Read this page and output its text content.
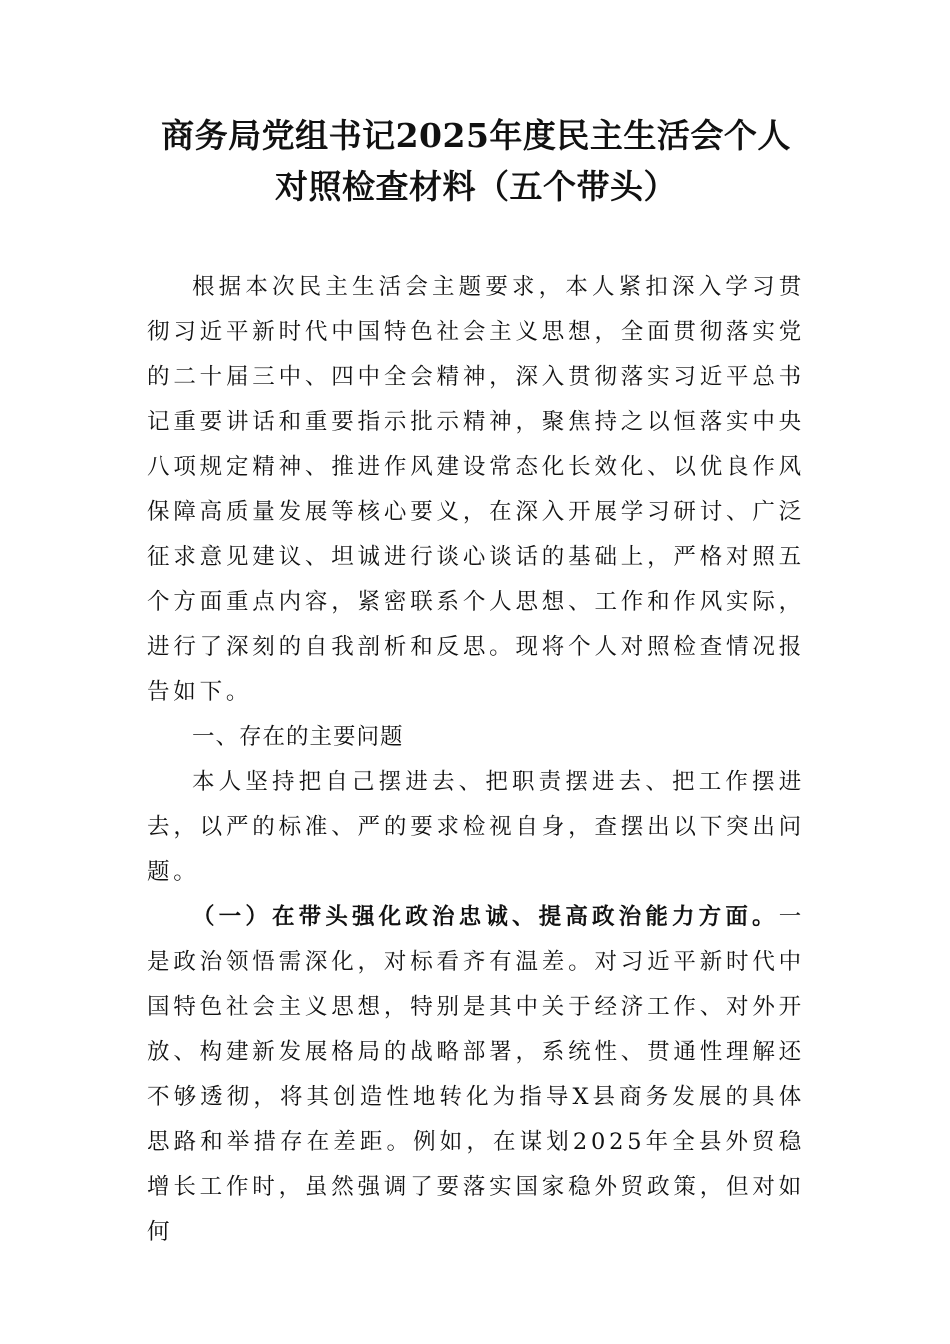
商务局党组书记2025年度民主生活会个人
对照检查材料（五个带头）

根据本次民主生活会主题要求，本人紧扣深入学习贯彻习近平新时代中国特色社会主义思想，全面贯彻落实党的二十届三中、四中全会精神，深入贯彻落实习近平总书记重要讲话和重要指示批示精神，聚焦持之以恒落实中央八项规定精神、推进作风建设常态化长效化、以优良作风保障高质量发展等核心要义，在深入开展学习研讨、广泛征求意见建议、坦诚进行谈心谈话的基础上，严格对照五个方面重点内容，紧密联系个人思想、工作和作风实际，进行了深刻的自我剖析和反思。现将个人对照检查情况报告如下。

一、存在的主要问题

本人坚持把自己摆进去、把职责摆进去、把工作摆进去，以严的标准、严的要求检视自身，查摆出以下突出问题。

（一）在带头强化政治忠诚、提高政治能力方面。一是政治领悟需深化，对标看齐有温差。对习近平新时代中国特色社会主义思想，特别是其中关于经济工作、对外开放、构建新发展格局的战略部署，系统性、贯通性理解还不够透彻，将其创造性地转化为指导X县商务发展的具体思路和举措存在差距。例如，在谋划2025年全县外贸稳增长工作时，虽然强调了要落实国家稳外贸政策，但对如何
